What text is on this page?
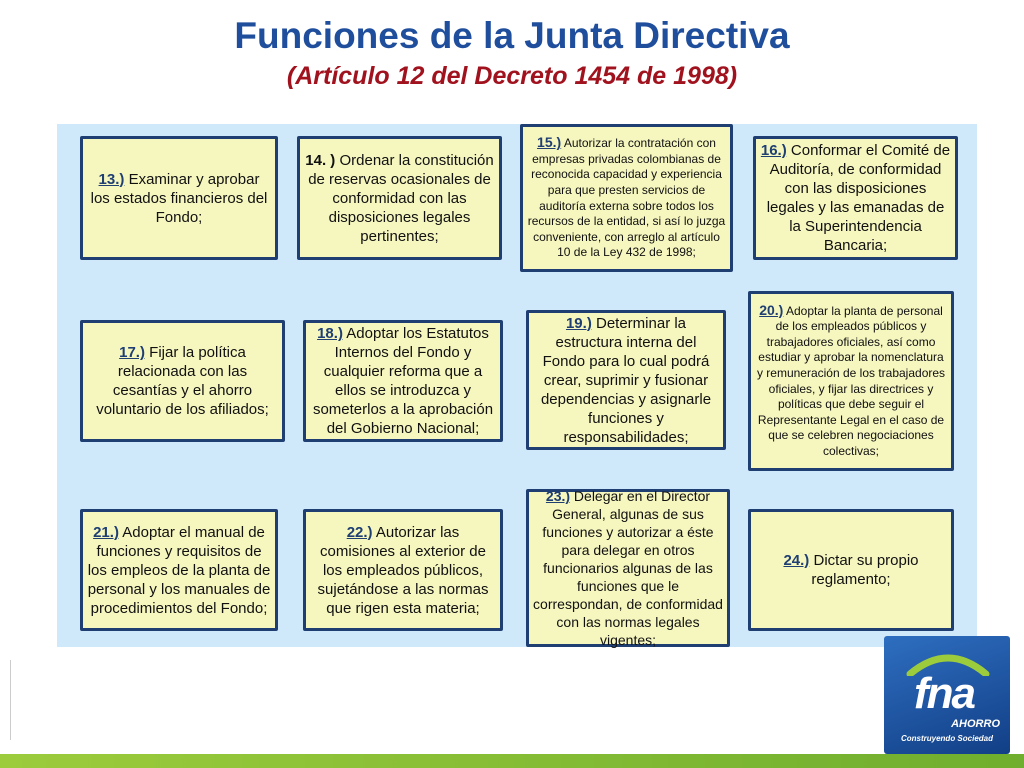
Funciones de la Junta Directiva
(Artículo 12 del Decreto 1454 de 1998)
13.) Examinar y aprobar los estados financieros del Fondo;
14. ) Ordenar la constitución de reservas ocasionales de conformidad con las disposiciones legales pertinentes;
15.) Autorizar la contratación con empresas privadas colombianas de reconocida capacidad y experiencia para que presten servicios de auditoría externa sobre todos los recursos de la entidad, si así lo juzga conveniente, con arreglo al artículo 10 de la Ley 432 de 1998;
16.) Conformar el Comité de Auditoría, de conformidad con las disposiciones legales y las emanadas de la Superintendencia Bancaria;
17.) Fijar la política relacionada con las cesantías y el ahorro voluntario de los afiliados;
18.) Adoptar los Estatutos Internos del Fondo y cualquier reforma que a ellos se introduzca y someterlos a la aprobación del Gobierno Nacional;
19.) Determinar la estructura interna del Fondo para lo cual podrá crear, suprimir y fusionar dependencias y asignarle funciones y responsabilidades;
20.) Adoptar la planta de personal de los empleados públicos y trabajadores oficiales, así como estudiar y aprobar la nomenclatura y remuneración de los trabajadores oficiales, y fijar las directrices y políticas que debe seguir el Representante Legal en el caso de que se celebren negociaciones colectivas;
21.) Adoptar el manual de funciones y requisitos de los empleos de la planta de personal y los manuales de procedimientos del Fondo;
22.) Autorizar las comisiones al exterior de los empleados públicos, sujetándose a las normas que rigen esta materia;
23.) Delegar en el Director General, algunas de sus funciones y autorizar a éste para delegar en otros funcionarios algunas de las funciones que le correspondan, de conformidad con las normas legales vigentes;
24.) Dictar su propio reglamento;
fna
AHORRO
Construyendo Sociedad
